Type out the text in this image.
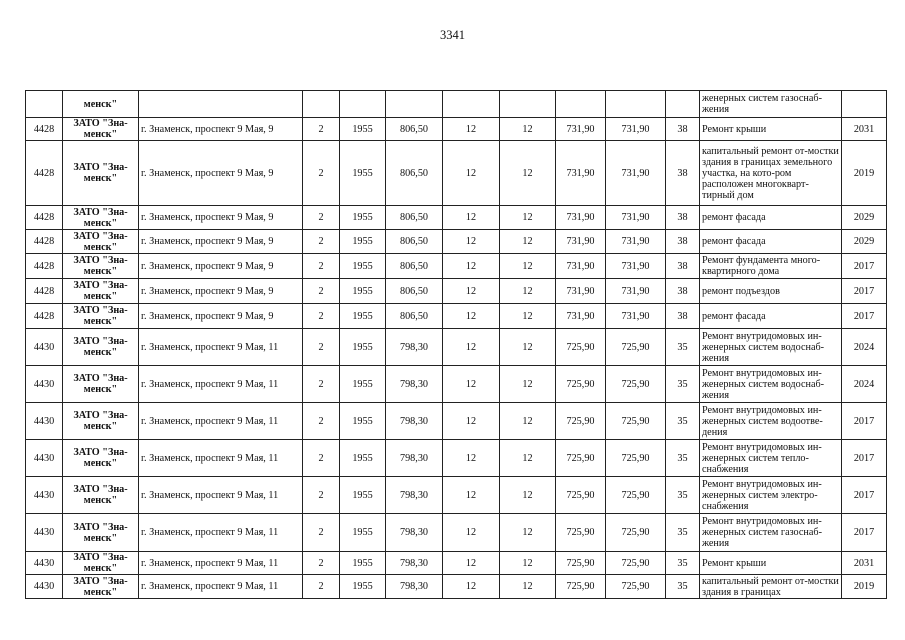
3341
	менск"										женерных систем газоснаб-жения	
4428	ЗАТО "Зна-менск"	г. Знаменск, проспект 9 Мая, 9	2	1955	806,50	12	12	731,90	731,90	38	Ремонт крыши	2031
4428	ЗАТО "Зна-менск"	г. Знаменск, проспект 9 Мая, 9	2	1955	806,50	12	12	731,90	731,90	38	капитальный ремонт от-мостки здания в границах земельного участка, на кото-ром расположен многокварт-тирный дом	2019
4428	ЗАТО "Зна-менск"	г. Знаменск, проспект 9 Мая, 9	2	1955	806,50	12	12	731,90	731,90	38	ремонт фасада	2029
4428	ЗАТО "Зна-менск"	г. Знаменск, проспект 9 Мая, 9	2	1955	806,50	12	12	731,90	731,90	38	ремонт фасада	2029
4428	ЗАТО "Зна-менск"	г. Знаменск, проспект 9 Мая, 9	2	1955	806,50	12	12	731,90	731,90	38	Ремонт фундамента много-квартирного дома	2017
4428	ЗАТО "Зна-менск"	г. Знаменск, проспект 9 Мая, 9	2	1955	806,50	12	12	731,90	731,90	38	ремонт подъездов	2017
4428	ЗАТО "Зна-менск"	г. Знаменск, проспект 9 Мая, 9	2	1955	806,50	12	12	731,90	731,90	38	ремонт фасада	2017
4430	ЗАТО "Зна-менск"	г. Знаменск, проспект 9 Мая, 11	2	1955	798,30	12	12	725,90	725,90	35	Ремонт внутридомовых ин-женерных систем водоснаб-жения	2024
4430	ЗАТО "Зна-менск"	г. Знаменск, проспект 9 Мая, 11	2	1955	798,30	12	12	725,90	725,90	35	Ремонт внутридомовых ин-женерных систем водоснаб-жения	2024
4430	ЗАТО "Зна-менск"	г. Знаменск, проспект 9 Мая, 11	2	1955	798,30	12	12	725,90	725,90	35	Ремонт внутридомовых ин-женерных систем водоотве-дения	2017
4430	ЗАТО "Зна-менск"	г. Знаменск, проспект 9 Мая, 11	2	1955	798,30	12	12	725,90	725,90	35	Ремонт внутридомовых ин-женерных систем тепло-снабжения	2017
4430	ЗАТО "Зна-менск"	г. Знаменск, проспект 9 Мая, 11	2	1955	798,30	12	12	725,90	725,90	35	Ремонт внутридомовых ин-женерных систем электро-снабжения	2017
4430	ЗАТО "Зна-менск"	г. Знаменск, проспект 9 Мая, 11	2	1955	798,30	12	12	725,90	725,90	35	Ремонт внутридомовых ин-женерных систем газоснаб-жения	2017
4430	ЗАТО "Зна-менск"	г. Знаменск, проспект 9 Мая, 11	2	1955	798,30	12	12	725,90	725,90	35	Ремонт крыши	2031
4430	ЗАТО "Зна-менск"	г. Знаменск, проспект 9 Мая, 11	2	1955	798,30	12	12	725,90	725,90	35	капитальный ремонт от-мостки здания в границах	2019
